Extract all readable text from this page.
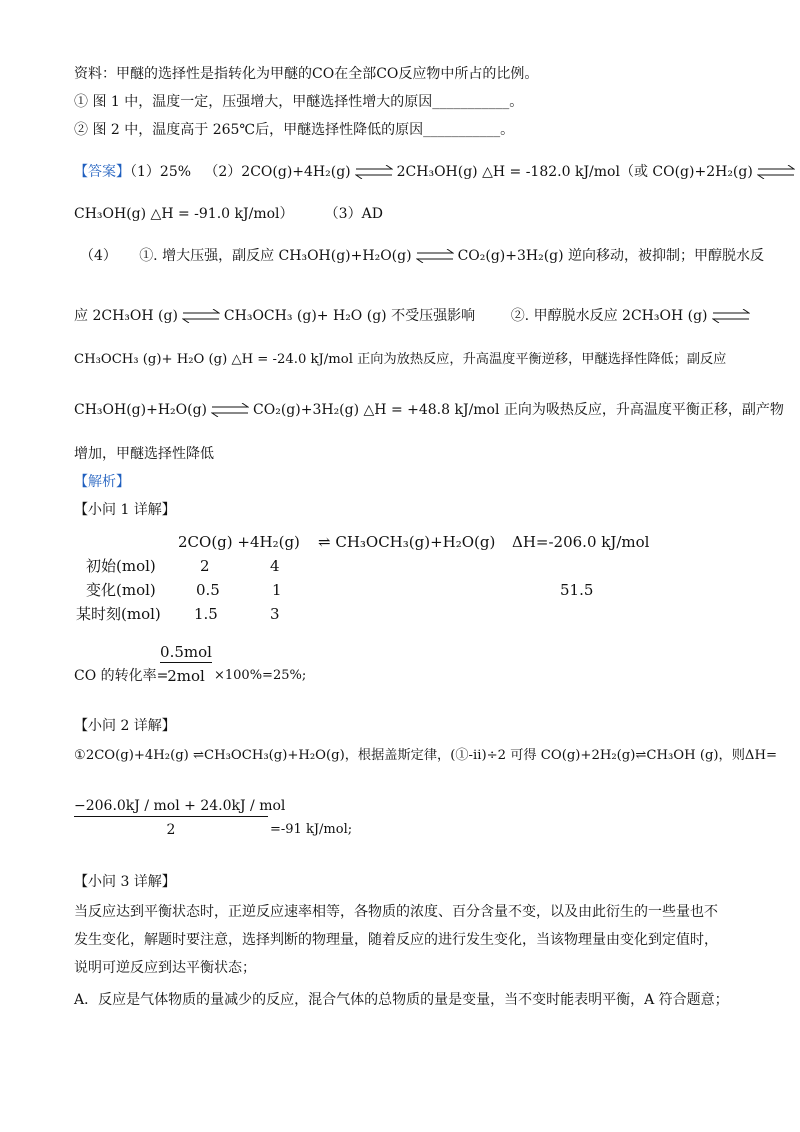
资料：甲醚的选择性是指转化为甲醚的CO在全部CO反应物中所占的比例。
① 图 1 中，温度一定，压强增大，甲醚选择性增大的原因___________。
② 图 2 中，温度高于 265℃后，甲醚选择性降低的原因___________。
【答案】（1）25% （2）2CO(g)+4H₂(g) ⇌ 2CH₃OH(g) △H = -182.0 kJ/mol（或 CO(g)+2H₂(g) ⇌
CH₃OH(g) △H = -91.0 kJ/mol） （3）AD
（4） ①. 增大压强，副反应 CH₃OH(g)+H₂O(g) ⇌ CO₂(g)+3H₂(g) 逆向移动，被抑制；甲醇脱水反
应 2CH₃OH (g) ⇌ CH₃OCH₃ (g)+ H₂O (g) 不受压强影响	②. 甲醇脱水反应 2CH₃OH (g) ⇌
CH₃OCH₃ (g)+ H₂O (g) △H = -24.0 kJ/mol 正向为放热反应，升高温度平衡逆移，甲醚选择性降低；副反应
CH₃OH(g)+H₂O(g) ⇌ CO₂(g)+3H₂(g) △H = +48.8 kJ/mol 正向为吸热反应，升高温度平衡正移，副产物
增加，甲醚选择性降低
【解析】
【小问 1 详解】
2CO(g) +4H₂(g) ⇌ CH₃OCH₃(g)+H₂O(g) ΔH=-206.0 kJ/mol
初始(mol)	2	4
变化(mol)	0.5	1	51.5
某时刻(mol) 1.5	3
CO 的转化率=
0.5mol
2mol ×100%=25%;
【小问 2 详解】
①2CO(g)+4H₂(g) ⇌CH₃OCH₃(g)+H₂O(g)，根据盖斯定律，(①-ii)÷2 可得 CO(g)+2H₂(g)⇌CH₃OH (g)，则ΔH=
−206.0kJ / mol + 24.0kJ / mol
2	=-91 kJ/mol;
【小问 3 详解】
当反应达到平衡状态时，正逆反应速率相等，各物质的浓度、百分含量不变，以及由此衍生的一些量也不
发生变化，解题时要注意，选择判断的物理量，随着反应的进行发生变化，当该物理量由变化到定值时，
说明可逆反应到达平衡状态；
A．反应是气体物质的量减少的反应，混合气体的总物质的量是变量，当不变时能表明平衡，A 符合题意；
